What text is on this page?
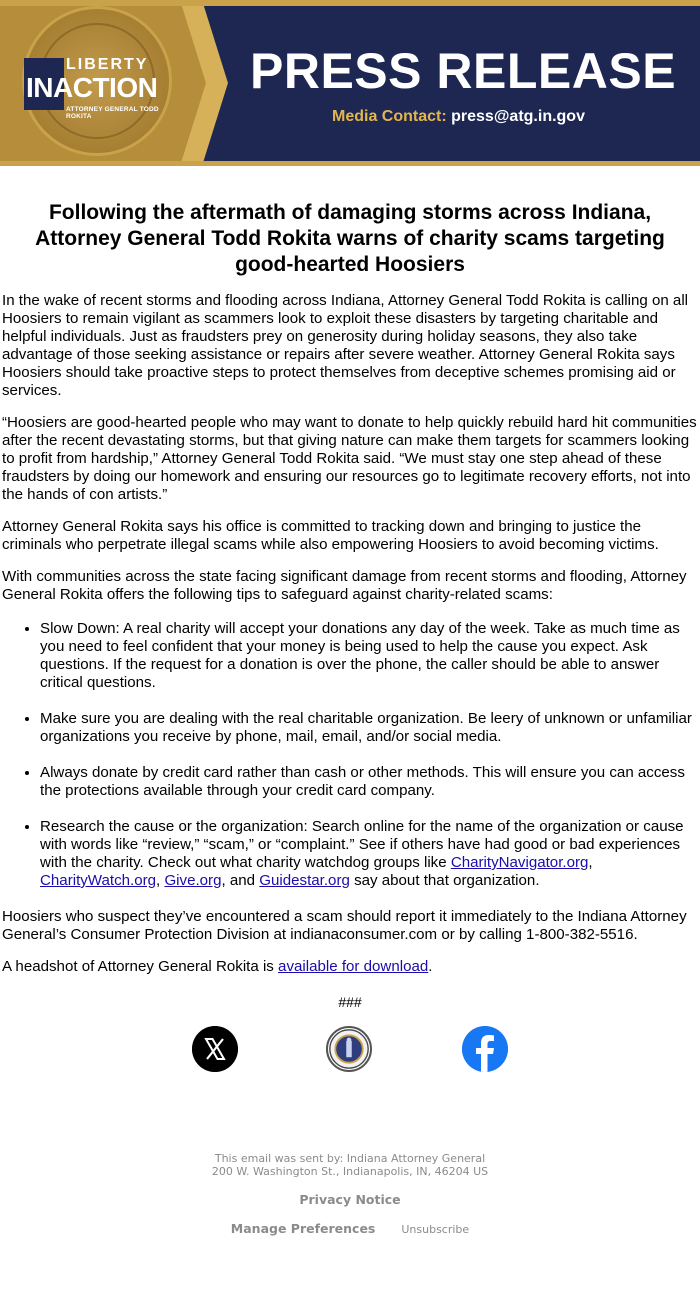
LIBERTY
INACTION
ATTORNEY GENERAL TODD ROKITA
PRESS RELEASE
Media Contact: press@atg.in.gov
Following the aftermath of damaging storms across Indiana, Attorney General Todd Rokita warns of charity scams targeting good-hearted Hoosiers

In the wake of recent storms and flooding across Indiana, Attorney General Todd Rokita is calling on all Hoosiers to remain vigilant as scammers look to exploit these disasters by targeting charitable and helpful individuals. Just as fraudsters prey on generosity during holiday seasons, they also take advantage of those seeking assistance or repairs after severe weather. Attorney General Rokita says Hoosiers should take proactive steps to protect themselves from deceptive schemes promising aid or services.

“Hoosiers are good-hearted people who may want to donate to help quickly rebuild hard hit communities after the recent devastating storms, but that giving nature can make them targets for scammers looking to profit from hardship,” Attorney General Todd Rokita said. “We must stay one step ahead of these fraudsters by doing our homework and ensuring our resources go to legitimate recovery efforts, not into the hands of con artists.”

Attorney General Rokita says his office is committed to tracking down and bringing to justice the criminals who perpetrate illegal scams while also empowering Hoosiers to avoid becoming victims.

With communities across the state facing significant damage from recent storms and flooding, Attorney General Rokita offers the following tips to safeguard against charity-related scams:

• Slow Down: A real charity will accept your donations any day of the week. Take as much time as you need to feel confident that your money is being used to help the cause you expect. Ask questions. If the request for a donation is over the phone, the caller should be able to answer critical questions.
• Make sure you are dealing with the real charitable organization. Be leery of unknown or unfamiliar organizations you receive by phone, mail, email, and/or social media.
• Always donate by credit card rather than cash or other methods. This will ensure you can access the protections available through your credit card company.
• Research the cause or the organization: Search online for the name of the organization or cause with words like “review,” “scam,” or “complaint.” See if others have had good or bad experiences with the charity. Check out what charity watchdog groups like CharityNavigator.org, CharityWatch.org, Give.org, and Guidestar.org say about that organization.

Hoosiers who suspect they’ve encountered a scam should report it immediately to the Indiana Attorney General’s Consumer Protection Division at indianaconsumer.com or by calling 1-800-382-5516.

A headshot of Attorney General Rokita is available for download.

###
This email was sent by: Indiana Attorney General
200 W. Washington St., Indianapolis, IN, 46204 US
Privacy Notice
Manage Preferences Unsubscribe
